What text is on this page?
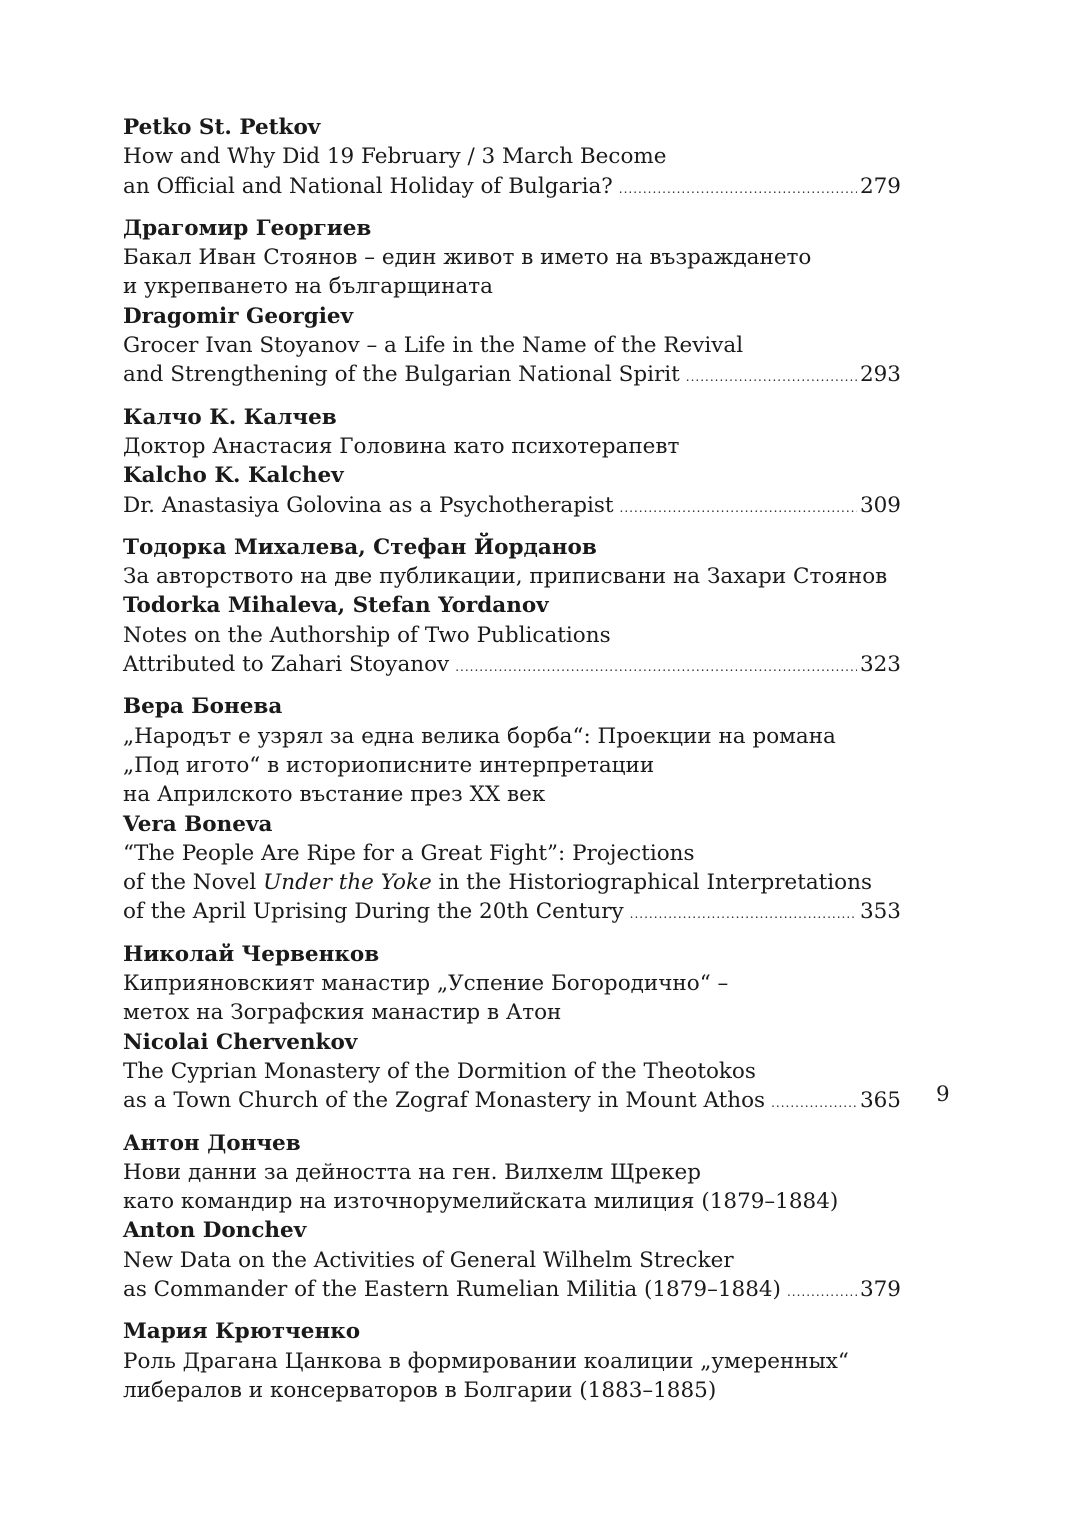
Petko St. Petkov
How and Why Did 19 February / 3 March Become
an Official and National Holiday of Bulgaria? .....	279
Драгомир Георгиев
Бакал Иван Стоянов – един живот в името на възраждането
и укрепването на българщината
Dragomir Georgiev
Grocer Ivan Stoyanov – a Life in the Name of the Revival
and Strengthening of the Bulgarian National Spirit .....	293
Калчо К. Калчев
Доктор Анастасия Головина като психотерапевт
Kalcho K. Kalchev
Dr. Anastasiya Golovina as a Psychotherapist .....	309
Тодорка Михалева, Стефан Йорданов
За авторството на две публикации, приписвани на Захари Стоянов
Todorka Mihaleva, Stefan Yordanov
Notes on the Authorship of Two Publications
Attributed to Zahari Stoyanov .....	323
Вера Бонева
„Народът е узрял за една велика борба“: Проекции на романа
„Под игото“ в историописните интерпретации
на Априлското въстание през XX век
Vera Boneva
“The People Are Ripe for a Great Fight”: Projections
of the Novel Under the Yoke in the Historiographical Interpretations
of the April Uprising During the 20th Century .....	353
Николай Червенков
Киприяновският манастир „Успение Богородично“ –
метох на Зографския манастир в Атон
Nicolai Chervenkov
The Cyprian Monastery of the Dormition of the Theotokos
as a Town Church of the Zograf Monastery in Mount Athos .....	365
Антон Дончев
Нови данни за дейността на ген. Вилхелм Щрекер
като командир на източнорумелийската милиция (1879–1884)
Anton Donchev
New Data on the Activities of General Wilhelm Strecker
as Commander of the Eastern Rumelian Militia (1879–1884) .....	379
Мария Крютченко
Роль Драгана Цанкова в формировании коалиции „умеренных“
либералов и консерваторов в Болгарии (1883–1885)
9
